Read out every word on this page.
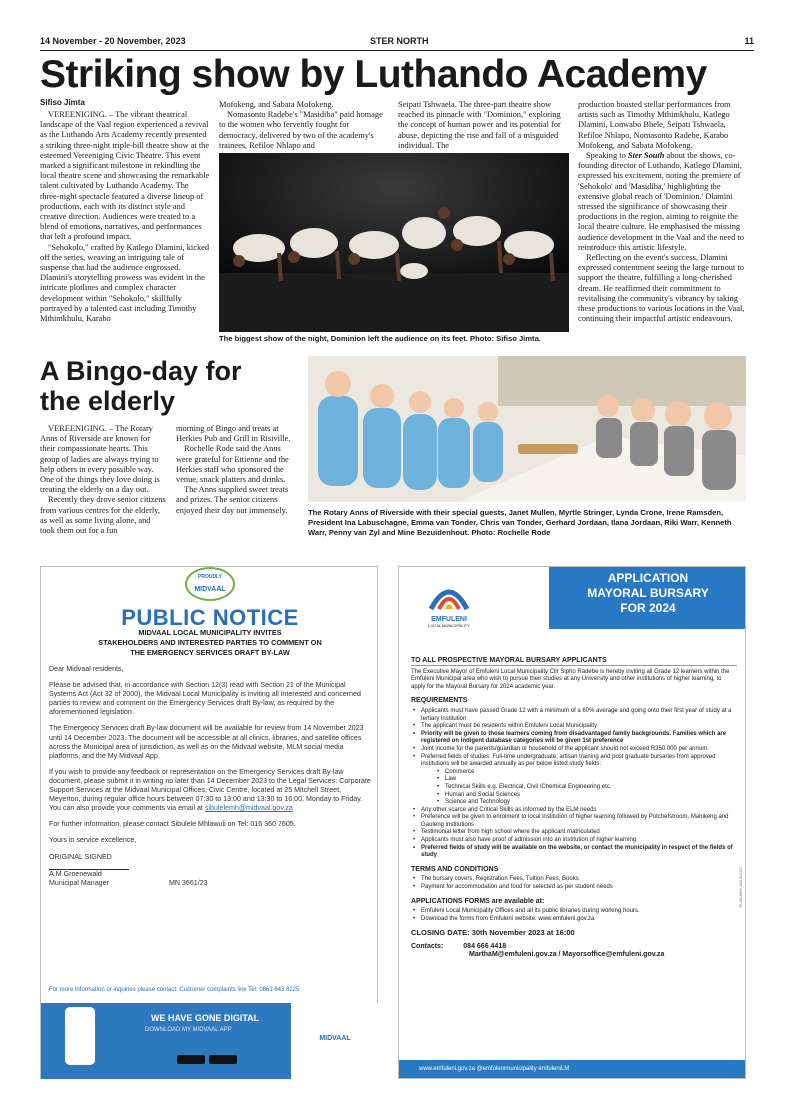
14 November - 20 November, 2023	STER NORTH	11
Striking show by Luthando Academy
Sifiso Jimta

VEREENIGING. – The vibrant theatrical landscape of the Vaal region experienced a revival as the Luthando Arts Academy recently presented a striking three-night triple-bill theatre show at the esteemed Vereeniging Civic Theatre. This event marked a significant milestone in rekindling the local theatre scene and showcasing the remarkable talent cultivated by Luthando Academy. The three-night spectacle featured a diverse lineup of productions, each with its distinct style and creative direction. Audiences were treated to a blend of emotions, narratives, and performances that left a profound impact.

"Sehokolo," crafted by Katlego Dlamini, kicked off the series, weaving an intriguing tale of suspense that had the audience engrossed. Dlamini's storytelling prowess was evident in the intricate plotlines and complex character development within "Sehokolo," skillfully portrayed by a talented cast including Timothy Mthimkhulu, Karabo

Mofokeng, and Sabata Mofokeng.

Nomasonto Radebe's "Masidiba" paid homage to the women who fervently fought for democracy, delivered by two of the academy's trainees, Refiloe Nhlapo and

Seipati Tshwaela. The three-part theatre show reached its pinnacle with "Dominion," exploring the concept of human power and its potential for abuse, depicting the rise and fall of a misguided individual. The

production boasted stellar performances from artists such as Timothy Mthimkhulu, Katlego Dlamini, Lonwabo Bhele, Seipati Tshwaela, Refiloe Nhlapo, Nomasonto Radebe, Karabo Mofokeng, and Sabata Mofokeng.

Speaking to Ster South about the shows, co-founding director of Luthando, Katlego Dlamini, expressed his excitement, noting the premiere of 'Sehokolo' and 'Masidiba,' highlighting the extensive global reach of 'Dominion.' Dlamini stressed the significance of showcasing their productions in the region, aiming to reignite the local theatre culture. He emphasised the missing audience development in the Vaal and the need to reintroduce this artistic lifestyle.

Reflecting on the event's success, Dlamini expressed contentment seeing the large turnout to support the theatre, fulfilling a long-cherished dream. He reaffirmed their commitment to revitalising the community's vibrancy by taking these productions to various locations in the Vaal, continuing their impactful artistic endeavours.

The biggest show of the night, Dominion left the audience on its feet. Photo: Sifiso Jimta.
A Bingo-day for
the elderly

VEREENIGING. – The Rotary Anns of Riverside are known for their compassionate hearts. This group of ladies are always trying to help others in every possible way. One of the things they love doing is treating the elderly on a day out.

Recently they drove senior citizens from various centres for the elderly, as well as some living alone, and took them out for a fun

morning of Bingo and treats at Herkies Pub and Grill in Risiville.

Rochelle Rode said the Anns were grateful for Ettienne and the Herkies staff who sponsored the venue, snack platters and drinks.

The Anns supplied sweet treats and prizes. The senior citizens enjoyed their day out immensely.	The Rotary Anns of Riverside with their special guests, Janet Mullen, Myrtle Stringer, Lynda Crone, Irene Ramsden, President Ina Labuschagne, Emma van Tonder, Chris van Tonder, Gerhard Jordaan, Ilana Jordaan, Riki Warr, Kenneth Warr, Penny van Zyl and Mine Bezuidenhout. Photo: Rochelle Rode
PROUDLY
MIDVAAL
PUBLIC NOTICE
MIDVAAL LOCAL MUNICIPALITY INVITES
STAKEHOLDERS AND INTERESTED PARTIES TO COMMENT ON
THE EMERGENCY SERVICES DRAFT BY-LAW

Dear Midvaal residents,

Please be advised that, in accordance with Section 12(3) read with Section 21 of the Municipal Systems Act (Act 32 of 2000), the Midvaal Local Municipality is inviting all interested and concerned parties to review and comment on the Emergency Services draft By-law, as required by the aforementioned legislation.

The Emergency Services draft By-law document will be available for review from 14 November 2023 until 14 December 2023. The document will be accessible at all clinics, libraries, and satellite offices across the Municipal area of jurisdiction, as well as on the Midvaal website, MLM social media platforms, and the My Midvaal App.

If you wish to provide any feedback or representation on the Emergency Services draft By-law document, please submit it in writing no later than 14 December 2023 to the Legal Services: Corporate Support Services at the Midvaal Municipal Offices, Civic Centre, located at 25 Mitchell Street, Meyerton, during regular office hours between 07:30 to 13:00 and 13:30 to 16:00, Monday to Friday. You can also provide your comments via email at sibulelemh@midvaal.gov.za

For further information, please contact Sibulele Mhlawuli on Tel: 016 360 7605.

Yours in service excellence,

ORIGINAL SIGNED

A.M Groenewald
Municipal Manager	MN 3661/23
For more information or inquiries please contact: Customer complaints line Tel: 0861 643 8225
WE HAVE GONE DIGITAL
DOWNLOAD MY MIDVAAL APP
MIDVAAL
EMFULENI
LOCAL MUNICIPALITY
APPLICATION
MAYORAL BURSARY
FOR 2024
TO ALL PROSPECTIVE MAYORAL BURSARY APPLICANTS
The Executive Mayor of Emfuleni Local Municipality Cllr Sipho Radebe is hereby inviting all Grade 12 learners within the Emfuleni Municipal area who wish to pursue their studies at any University and other institutions of higher learning, to apply for the Mayoral Bursary for 2024 academic year.
REQUIREMENTS
• Applicants must have passed Grade 12 with a minimum of a 60% average and going onto their first year of study at a tertiary institution
• The applicant must be residents within Emfuleni Local Municipality
• Priority will be given to those learners coming from disadvantaged family backgrounds. Families which are registered on indigent database categories will be given 1st preference
• Joint income for the parents/guardian or household of the applicant should not exceed R350 000 per annum.
• Preferred fields of studies: Full-time undergraduate, artisan training and post graduate bursaries from approved institutions will be awarded annually as per below listed study fields:
• Commerce
• Law
• Technical Skills e.g. Electrical, Civil /Chemical Engineering etc.
• Human and Social Sciences
• Science and Technology
• Any other scarce and Critical Skills as informed by the ELM needs
• Preference will be given to enrolment to local institution of higher learning followed by Potchefstroom, Mahikeng and Gauteng institutions
• Testimonial letter from high school where the applicant matriculated
• Applicants must also have proof of admission into an institution of higher learning
• Preferred fields of study will be available on the website, or contact the municipality in respect of the fields of study
TERMS AND CONDITIONS
• The bursary covers, Registration Fees, Tuition Fees, Books
• Payment for accommodation and food for selected as per student needs
APPLICATIONS FORMS are available at:
• Emfuleni Local Municipality Offices and all its public libraries during working hours.
• Download the forms from Emfuleni website: www.emfuleni.gov.za
CLOSING DATE: 30th November 2023 at 16:00
Contacts:	084 666 4418
MarthaM@emfuleni.gov.za / Mayorsoffice@emfuleni.gov.za
ELM13869 18/10/2023
www.emfuleni.gov.za @emfulenimunicipality emfuleniLM
